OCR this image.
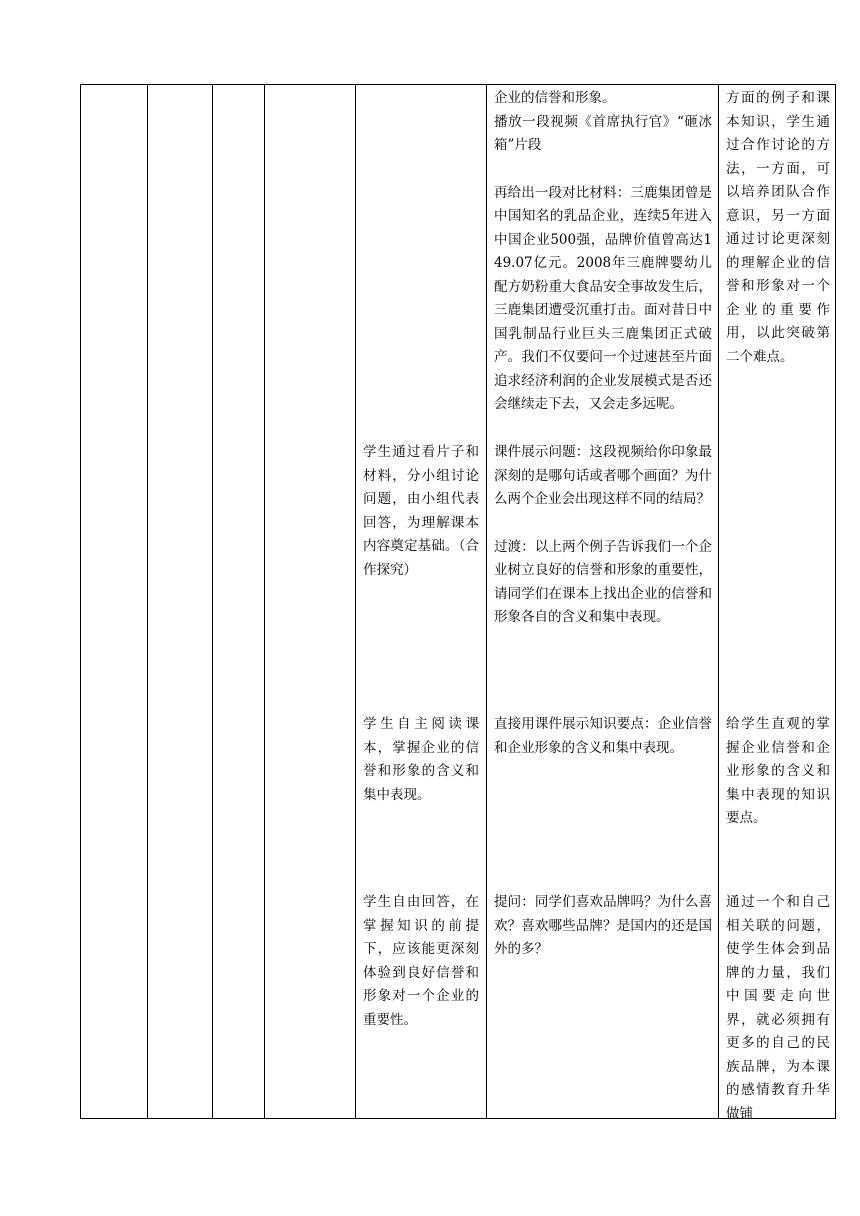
企业的信誉和形象。

播放一段视频《首席执行官》“砸冰箱”片段

再给出一段对比材料：三鹿集团曾是中国知名的乳品企业，连续5年进入中国企业500强，品牌价值曾高达149.07亿元。2008年三鹿牌婴幼儿配方奶粉重大食品安全事故发生后，三鹿集团遭受沉重打击。面对昔日中国乳制品行业巨头三鹿集团正式破产。我们不仅要问一个过速甚至片面追求经济利润的企业发展模式是否还会继续走下去，又会走多远呢。

方面的例子和课本知识，学生通过合作讨论的方法，一方面，可以培养团队合作意识，另一方面通过讨论更深刻的理解企业的信誉和形象对一个企业的重要作用，以此突破第二个难点。

学生通过看片子和材料，分小组讨论问题，由小组代表回答，为理解课本内容奠定基础。（合作探究）

课件展示问题：这段视频给你印象最深刻的是哪句话或者哪个画面？为什么两个企业会出现这样不同的结局？

过渡：以上两个例子告诉我们一个企业树立良好的信誉和形象的重要性，请同学们在课本上找出企业的信誉和形象各自的含义和集中表现。

学生自主阅读课本，掌握企业的信誉和形象的含义和集中表现。

直接用课件展示知识要点：企业信誉和企业形象的含义和集中表现。

给学生直观的掌握企业信誉和企业形象的含义和集中表现的知识要点。

学生自由回答，在掌握知识的前提下，应该能更深刻体验到良好信誉和形象对一个企业的重要性。

提问：同学们喜欢品牌吗？为什么喜欢？喜欢哪些品牌？是国内的还是国外的多？

通过一个和自己相关联的问题，使学生体会到品牌的力量，我们中国要走向世界，就必须拥有更多的自己的民族品牌，为本课的感情教育升华做铺
